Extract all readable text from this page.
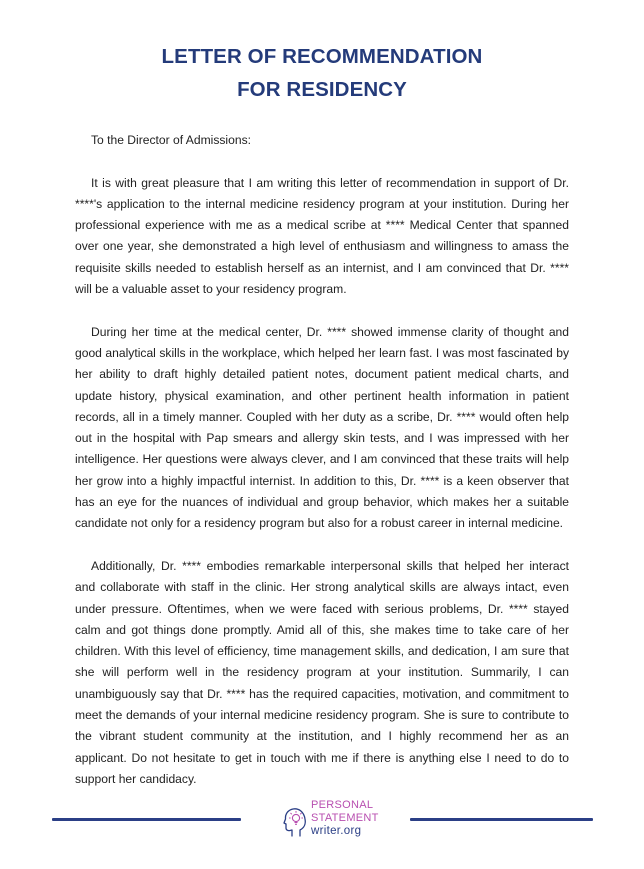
LETTER OF RECOMMENDATION
FOR RESIDENCY

To the Director of Admissions:

It is with great pleasure that I am writing this letter of recommendation in support of Dr. ****'s application to the internal medicine residency program at your institution. During her professional experience with me as a medical scribe at **** Medical Center that spanned over one year, she demonstrated a high level of enthusiasm and willingness to amass the requisite skills needed to establish herself as an internist, and I am convinced that Dr. **** will be a valuable asset to your residency program.

During her time at the medical center, Dr. **** showed immense clarity of thought and good analytical skills in the workplace, which helped her learn fast. I was most fascinated by her ability to draft highly detailed patient notes, document patient medical charts, and update history, physical examination, and other pertinent health information in patient records, all in a timely manner. Coupled with her duty as a scribe, Dr. **** would often help out in the hospital with Pap smears and allergy skin tests, and I was impressed with her intelligence. Her questions were always clever, and I am convinced that these traits will help her grow into a highly impactful internist. In addition to this, Dr. **** is a keen observer that has an eye for the nuances of individual and group behavior, which makes her a suitable candidate not only for a residency program but also for a robust career in internal medicine.

Additionally, Dr. **** embodies remarkable interpersonal skills that helped her interact and collaborate with staff in the clinic. Her strong analytical skills are always intact, even under pressure. Oftentimes, when we were faced with serious problems, Dr. **** stayed calm and got things done promptly. Amid all of this, she makes time to take care of her children. With this level of efficiency, time management skills, and dedication, I am sure that she will perform well in the residency program at your institution. Summarily, I can unambiguously say that Dr. **** has the required capacities, motivation, and commitment to meet the demands of your internal medicine residency program. She is sure to contribute to the vibrant student community at the institution, and I highly recommend her as an applicant. Do not hesitate to get in touch with me if there is anything else I need to do to support her candidacy.

PERSONAL
STATEMENT
writer.org
